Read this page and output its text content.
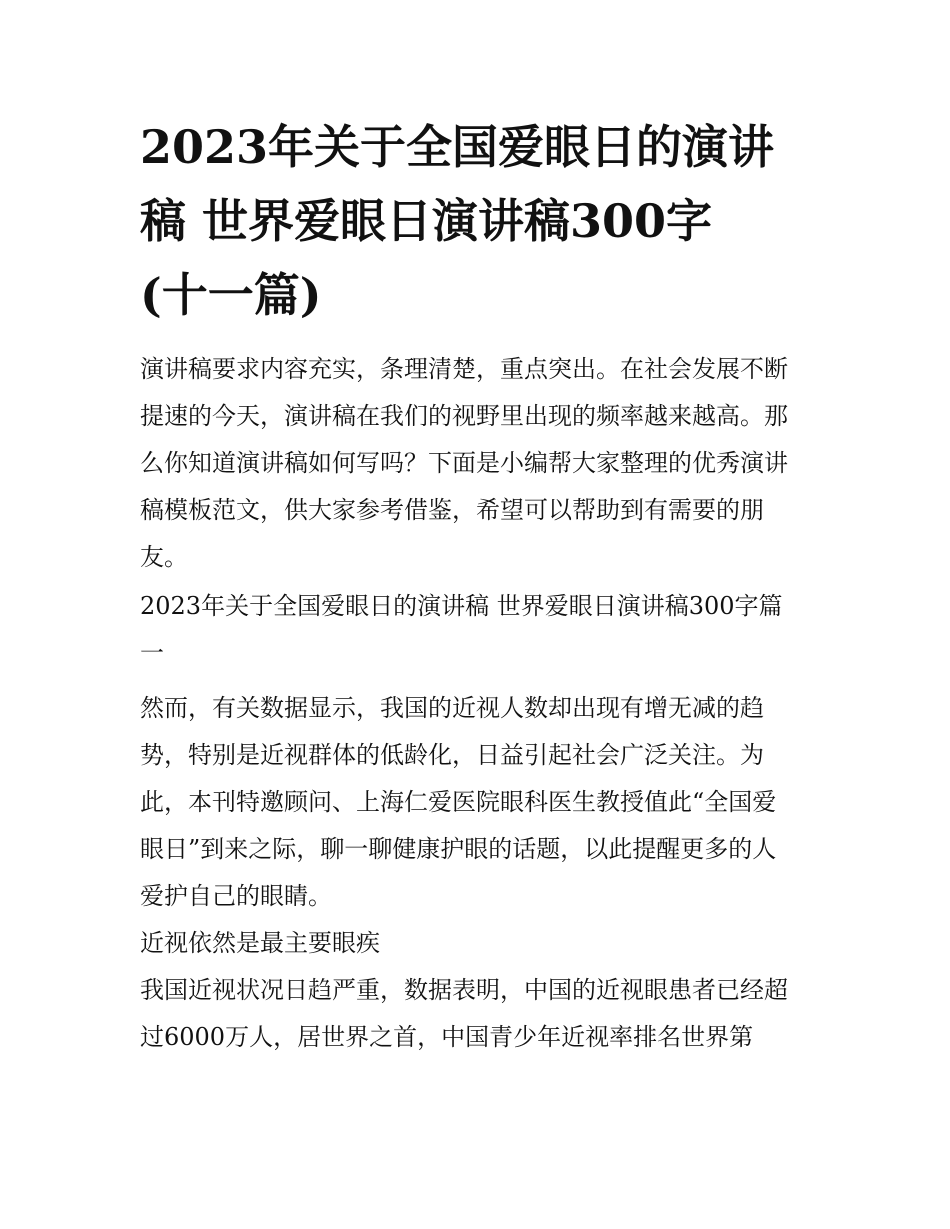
2023年关于全国爱眼日的演讲
稿 世界爱眼日演讲稿300字
(十一篇)

演讲稿要求内容充实，条理清楚，重点突出。在社会发展不断
提速的今天，演讲稿在我们的视野里出现的频率越来越高。那
么你知道演讲稿如何写吗？下面是小编帮大家整理的优秀演讲
稿模板范文，供大家参考借鉴，希望可以帮助到有需要的朋
友。

2023年关于全国爱眼日的演讲稿 世界爱眼日演讲稿300字篇
一

然而，有关数据显示，我国的近视人数却出现有增无减的趋
势，特别是近视群体的低龄化，日益引起社会广泛关注。为
此，本刊特邀顾问、上海仁爱医院眼科医生教授值此“全国爱
眼日”到来之际，聊一聊健康护眼的话题，以此提醒更多的人
爱护自己的眼睛。

近视依然是最主要眼疾

我国近视状况日趋严重，数据表明，中国的近视眼患者已经超
过6000万人，居世界之首，中国青少年近视率排名世界第
